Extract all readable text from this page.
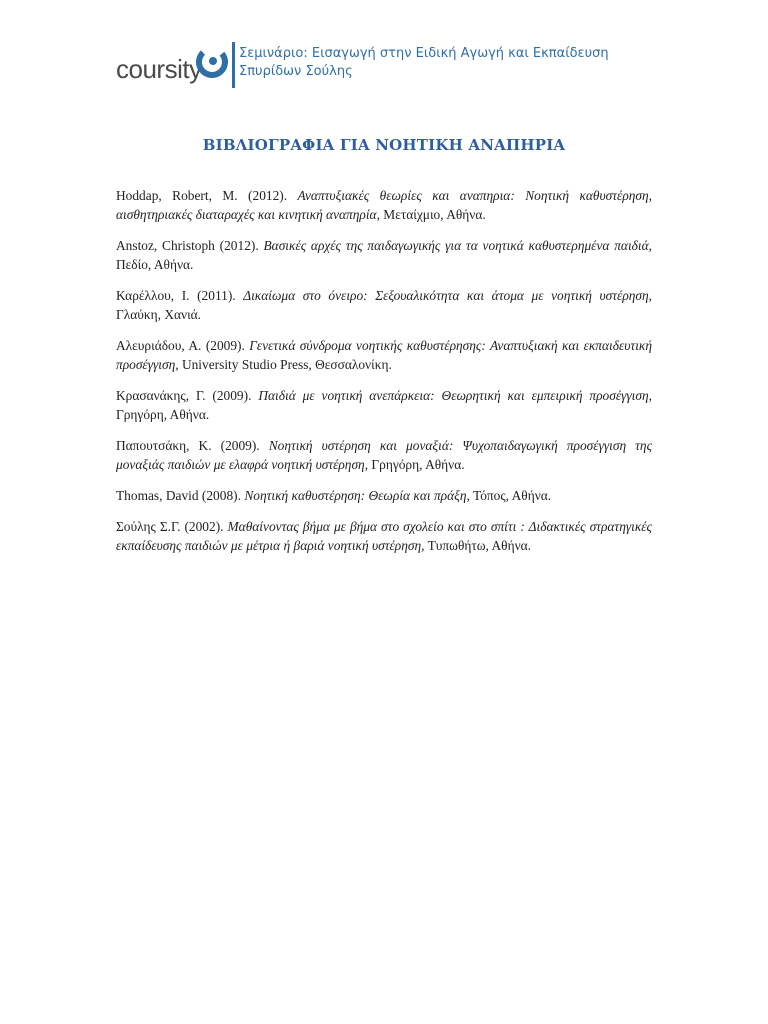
coursity
Σεμινάριο: Εισαγωγή στην Ειδική Αγωγή και Εκπαίδευση
Σπυρίδων Σούλης
ΒΙΒΛΙΟΓΡΑΦΙΑ ΓΙΑ ΝΟΗΤΙΚΗ ΑΝΑΠΗΡΙΑ

Hoddap, Robert, M. (2012). Αναπτυξιακές θεωρίες και αναπηρια: Νοητική καθυστέρηση, αισθητηριακές διαταραχές και κινητική αναπηρία, Μεταίχμιο, Αθήνα.

Anstoz, Christoph (2012). Βασικές αρχές της παιδαγωγικής για τα νοητικά καθυστερημένα παιδιά, Πεδίο, Αθήνα.

Καρέλλου, Ι. (2011). Δικαίωμα στο όνειρο: Σεξουαλικότητα και άτομα με νοητική υστέρηση, Γλαύκη, Χανιά.

Αλευριάδου, Α. (2009). Γενετικά σύνδρομα νοητικής καθυστέρησης: Αναπτυξιακή και εκπαιδευτική προσέγγιση, University Studio Press, Θεσσαλονίκη.

Κρασανάκης, Γ. (2009). Παιδιά με νοητική ανεπάρκεια: Θεωρητική και εμπειρική προσέγγιση, Γρηγόρη, Αθήνα.

Παπουτσάκη, Κ. (2009). Νοητική υστέρηση και μοναξιά: Ψυχοπαιδαγωγική προσέγγιση της μοναξιάς παιδιών με ελαφρά νοητική υστέρηση, Γρηγόρη, Αθήνα.

Thomas, David (2008). Νοητική καθυστέρηση: Θεωρία και πράξη, Τόπος, Αθήνα.

Σούλης Σ.Γ. (2002). Μαθαίνοντας βήμα με βήμα στο σχολείο και στο σπίτι : Διδακτικές στρατηγικές εκπαίδευσης παιδιών με μέτρια ή βαριά νοητική υστέρηση, Τυπωθήτω, Αθήνα.
